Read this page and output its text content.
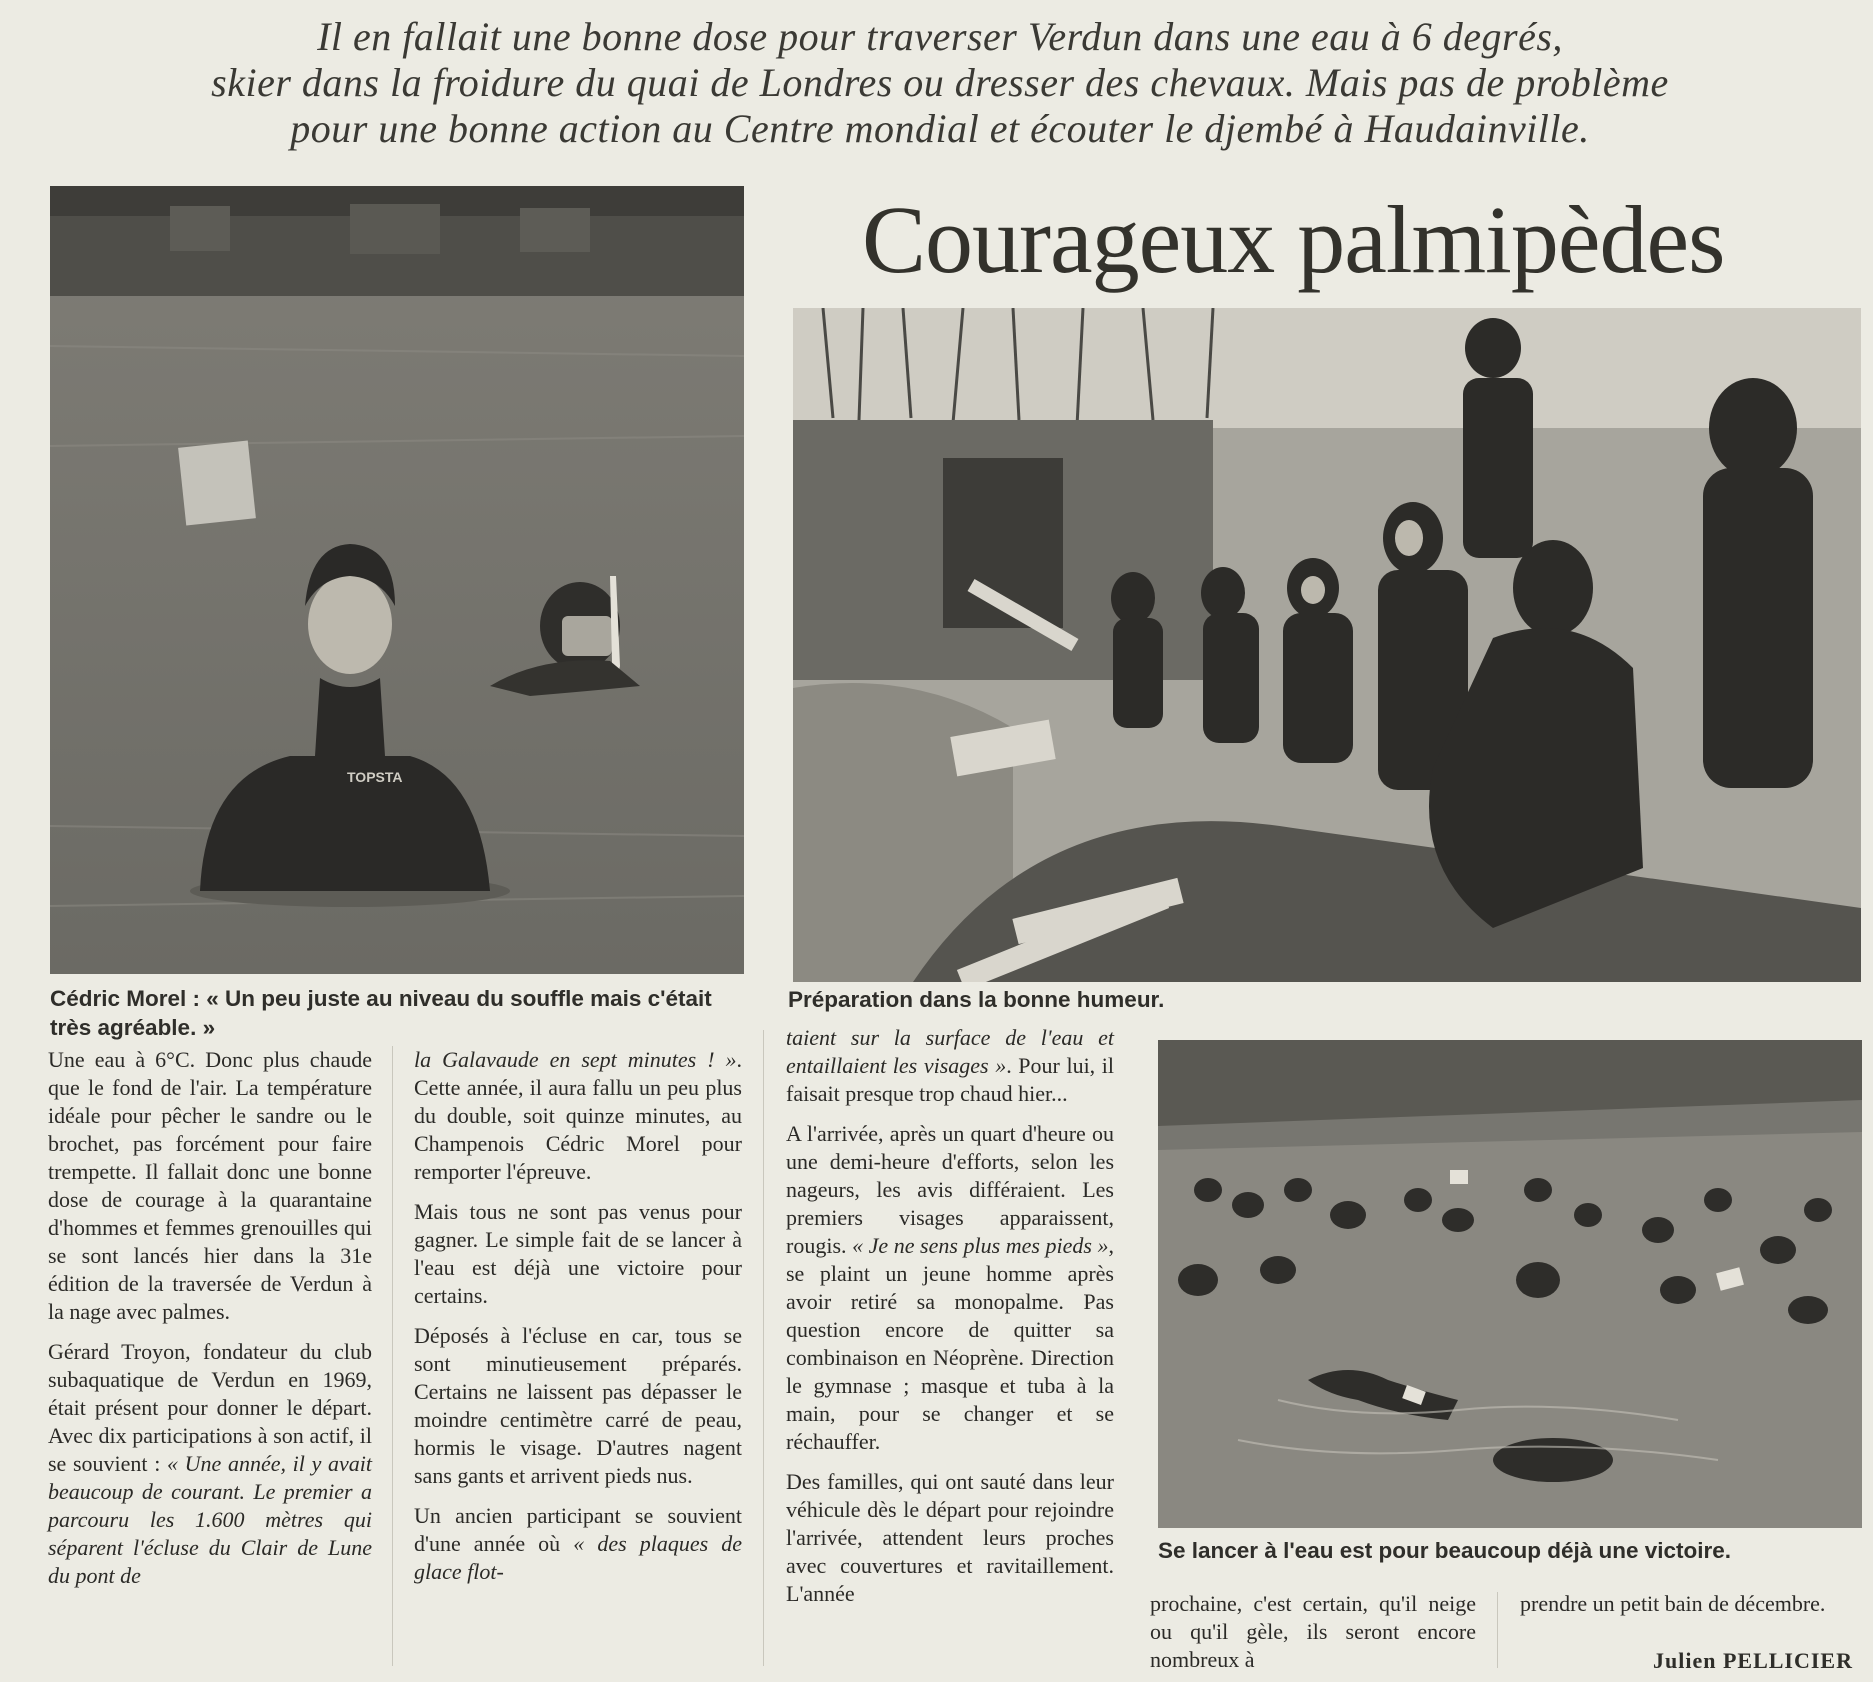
Il en fallait une bonne dose pour traverser Verdun dans une eau à 6 degrés,
skier dans la froidure du quai de Londres ou dresser des chevaux. Mais pas de problème
pour une bonne action au Centre mondial et écouter le djembé à Haudainville.
Courageux palmipèdes
TOPSTA
Cédric Morel : « Un peu juste au niveau du souffle mais c'était très agréable. »
Préparation dans la bonne humeur.
Se lancer à l'eau est pour beaucoup déjà une victoire.

Une eau à 6°C. Donc plus chaude que le fond de l'air. La température idéale pour pêcher le sandre ou le brochet, pas forcément pour faire trempette. Il fallait donc une bonne dose de courage à la quarantaine d'hommes et femmes grenouilles qui se sont lancés hier dans la 31e édition de la traversée de Verdun à la nage avec palmes.

Gérard Troyon, fondateur du club subaquatique de Verdun en 1969, était présent pour donner le départ. Avec dix participations à son actif, il se souvient : « Une année, il y avait beaucoup de courant. Le premier a parcouru les 1.600 mètres qui séparent l'écluse du Clair de Lune du pont de

la Galavaude en sept minutes ! ». Cette année, il aura fallu un peu plus du double, soit quinze minutes, au Champenois Cédric Morel pour remporter l'épreuve.

Mais tous ne sont pas venus pour gagner. Le simple fait de se lancer à l'eau est déjà une victoire pour certains.

Déposés à l'écluse en car, tous se sont minutieusement préparés. Certains ne laissent pas dépasser le moindre centimètre carré de peau, hormis le visage. D'autres nagent sans gants et arrivent pieds nus.

Un ancien participant se souvient d'une année où « des plaques de glace flot-

taient sur la surface de l'eau et entaillaient les visages ». Pour lui, il faisait presque trop chaud hier...

A l'arrivée, après un quart d'heure ou une demi-heure d'efforts, selon les nageurs, les avis différaient. Les premiers visages apparaissent, rougis. « Je ne sens plus mes pieds », se plaint un jeune homme après avoir retiré sa monopalme. Pas question encore de quitter sa combinaison en Néoprène. Direction le gymnase ; masque et tuba à la main, pour se changer et se réchauffer.

Des familles, qui ont sauté dans leur véhicule dès le départ pour rejoindre l'arrivée, attendent leurs proches avec couvertures et ravitaillement. L'année	prochaine, c'est certain, qu'il neige ou qu'il gèle, ils seront encore nombreux à

prendre un petit bain de décembre.

Julien PELLICIER
